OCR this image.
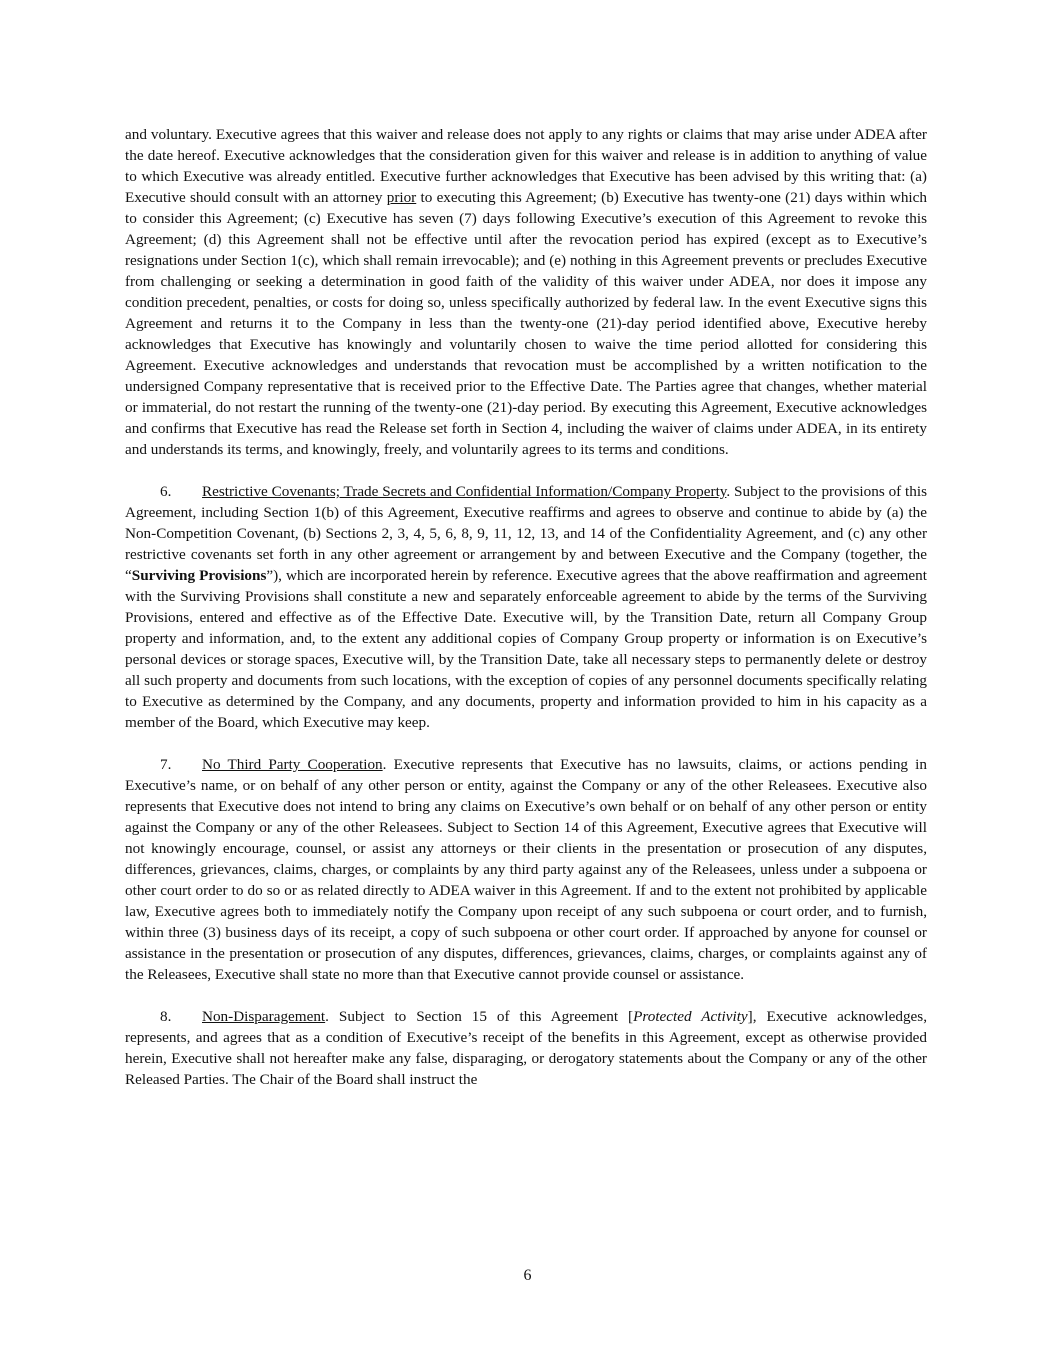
and voluntary. Executive agrees that this waiver and release does not apply to any rights or claims that may arise under ADEA after the date hereof. Executive acknowledges that the consideration given for this waiver and release is in addition to anything of value to which Executive was already entitled. Executive further acknowledges that Executive has been advised by this writing that: (a) Executive should consult with an attorney prior to executing this Agreement; (b) Executive has twenty-one (21) days within which to consider this Agreement; (c) Executive has seven (7) days following Executive’s execution of this Agreement to revoke this Agreement; (d) this Agreement shall not be effective until after the revocation period has expired (except as to Executive’s resignations under Section 1(c), which shall remain irrevocable); and (e) nothing in this Agreement prevents or precludes Executive from challenging or seeking a determination in good faith of the validity of this waiver under ADEA, nor does it impose any condition precedent, penalties, or costs for doing so, unless specifically authorized by federal law. In the event Executive signs this Agreement and returns it to the Company in less than the twenty-one (21)-day period identified above, Executive hereby acknowledges that Executive has knowingly and voluntarily chosen to waive the time period allotted for considering this Agreement. Executive acknowledges and understands that revocation must be accomplished by a written notification to the undersigned Company representative that is received prior to the Effective Date. The Parties agree that changes, whether material or immaterial, do not restart the running of the twenty-one (21)-day period. By executing this Agreement, Executive acknowledges and confirms that Executive has read the Release set forth in Section 4, including the waiver of claims under ADEA, in its entirety and understands its terms, and knowingly, freely, and voluntarily agrees to its terms and conditions.

6. Restrictive Covenants; Trade Secrets and Confidential Information/Company Property. Subject to the provisions of this Agreement, including Section 1(b) of this Agreement, Executive reaffirms and agrees to observe and continue to abide by (a) the Non-Competition Covenant, (b) Sections 2, 3, 4, 5, 6, 8, 9, 11, 12, 13, and 14 of the Confidentiality Agreement, and (c) any other restrictive covenants set forth in any other agreement or arrangement by and between Executive and the Company (together, the “Surviving Provisions”), which are incorporated herein by reference. Executive agrees that the above reaffirmation and agreement with the Surviving Provisions shall constitute a new and separately enforceable agreement to abide by the terms of the Surviving Provisions, entered and effective as of the Effective Date. Executive will, by the Transition Date, return all Company Group property and information, and, to the extent any additional copies of Company Group property or information is on Executive’s personal devices or storage spaces, Executive will, by the Transition Date, take all necessary steps to permanently delete or destroy all such property and documents from such locations, with the exception of copies of any personnel documents specifically relating to Executive as determined by the Company, and any documents, property and information provided to him in his capacity as a member of the Board, which Executive may keep.

7. No Third Party Cooperation. Executive represents that Executive has no lawsuits, claims, or actions pending in Executive’s name, or on behalf of any other person or entity, against the Company or any of the other Releasees. Executive also represents that Executive does not intend to bring any claims on Executive’s own behalf or on behalf of any other person or entity against the Company or any of the other Releasees. Subject to Section 14 of this Agreement, Executive agrees that Executive will not knowingly encourage, counsel, or assist any attorneys or their clients in the presentation or prosecution of any disputes, differences, grievances, claims, charges, or complaints by any third party against any of the Releasees, unless under a subpoena or other court order to do so or as related directly to ADEA waiver in this Agreement. If and to the extent not prohibited by applicable law, Executive agrees both to immediately notify the Company upon receipt of any such subpoena or court order, and to furnish, within three (3) business days of its receipt, a copy of such subpoena or other court order. If approached by anyone for counsel or assistance in the presentation or prosecution of any disputes, differences, grievances, claims, charges, or complaints against any of the Releasees, Executive shall state no more than that Executive cannot provide counsel or assistance.

8. Non-Disparagement. Subject to Section 15 of this Agreement [Protected Activity], Executive acknowledges, represents, and agrees that as a condition of Executive’s receipt of the benefits in this Agreement, except as otherwise provided herein, Executive shall not hereafter make any false, disparaging, or derogatory statements about the Company or any of the other Released Parties. The Chair of the Board shall instruct the

6
